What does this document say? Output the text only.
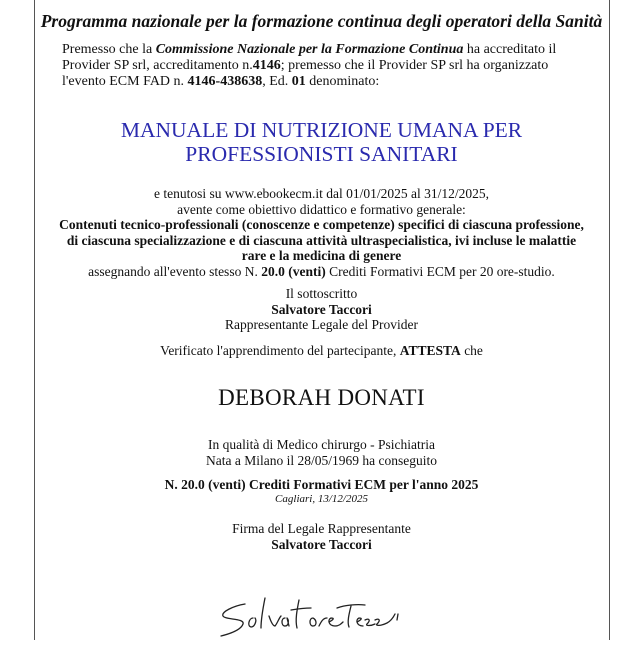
Programma nazionale per la formazione continua degli operatori della Sanità
Premesso che la Commissione Nazionale per la Formazione Continua ha accreditato il Provider SP srl, accreditamento n.4146; premesso che il Provider SP srl ha organizzato l'evento ECM FAD n. 4146-438638, Ed. 01 denominato:
MANUALE DI NUTRIZIONE UMANA PER
PROFESSIONISTI SANITARI
e tenutosi su www.ebookecm.it dal 01/01/2025 al 31/12/2025,
avente come obiettivo didattico e formativo generale:
Contenuti tecnico-professionali (conoscenze e competenze) specifici di ciascuna professione, di ciascuna specializzazione e di ciascuna attività ultraspecialistica, ivi incluse le malattie rare e la medicina di genere
assegnando all'evento stesso N. 20.0 (venti) Crediti Formativi ECM per 20 ore-studio.
Il sottoscritto
Salvatore Taccori
Rappresentante Legale del Provider
Verificato l'apprendimento del partecipante, ATTESTA che
DEBORAH DONATI
In qualità di Medico chirurgo - Psichiatria
Nata a Milano il 28/05/1969 ha conseguito
N. 20.0 (venti) Crediti Formativi ECM per l'anno 2025
Cagliari, 13/12/2025
Firma del Legale Rappresentante
Salvatore Taccori
